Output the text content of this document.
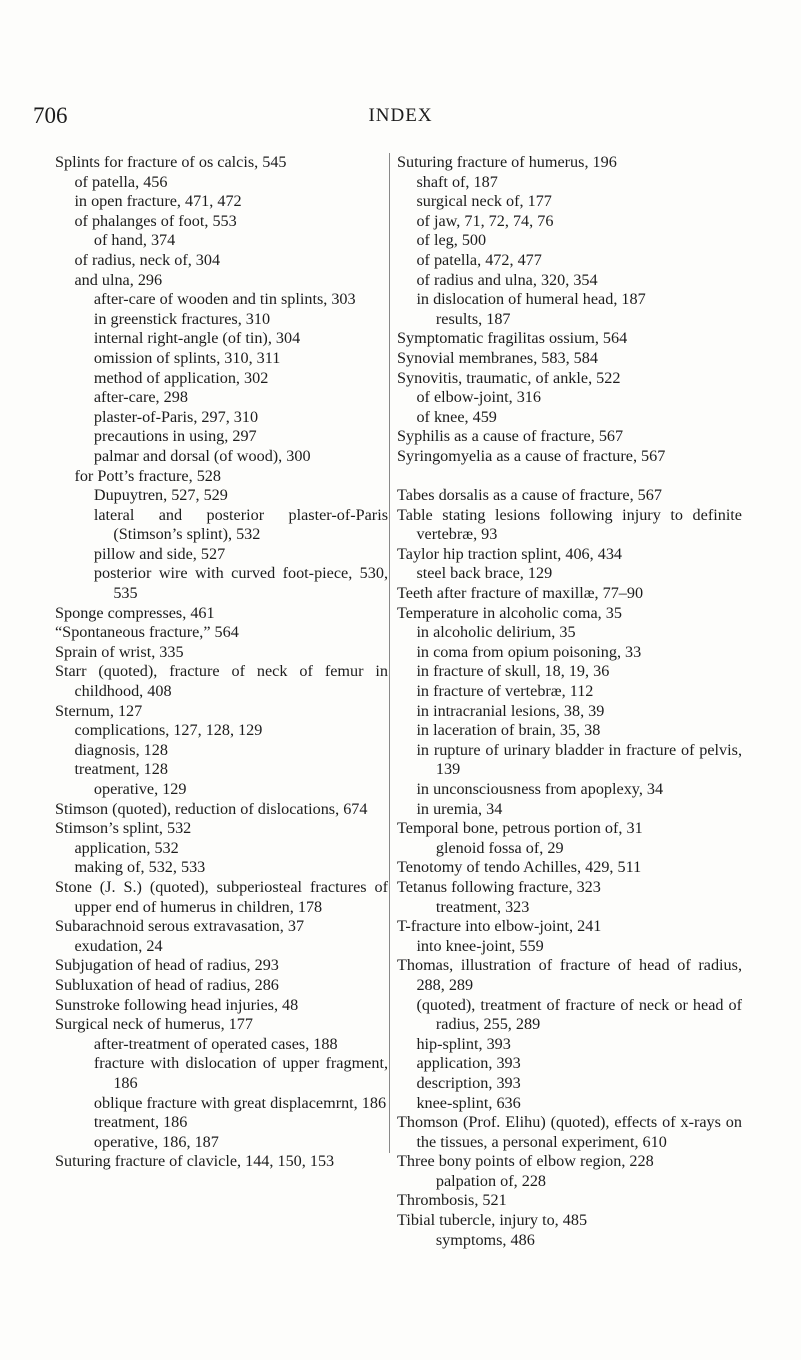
706	INDEX

Splints for fracture of os calcis, 545

of patella, 456

in open fracture, 471, 472

of phalanges of foot, 553

of hand, 374

of radius, neck of, 304

and ulna, 296

after-care of wooden and tin splints, 303

in greenstick fractures, 310

internal right-angle (of tin), 304

omission of splints, 310, 311

method of application, 302

after-care, 298

plaster-of-Paris, 297, 310

precautions in using, 297

palmar and dorsal (of wood), 300

for Pott’s fracture, 528

Dupuytren, 527, 529

lateral and posterior plaster-of-Paris (Stimson’s splint), 532

pillow and side, 527

posterior wire with curved foot-piece, 530, 535

Sponge compresses, 461

“Spontaneous fracture,” 564

Sprain of wrist, 335

Starr (quoted), fracture of neck of femur in childhood, 408

Sternum, 127

complications, 127, 128, 129

diagnosis, 128

treatment, 128

operative, 129

Stimson (quoted), reduction of dislocations, 674

Stimson’s splint, 532

application, 532

making of, 532, 533

Stone (J. S.) (quoted), subperiosteal fractures of upper end of humerus in children, 178

Subarachnoid serous extravasation, 37

exudation, 24

Subjugation of head of radius, 293

Subluxation of head of radius, 286

Sunstroke following head injuries, 48

Surgical neck of humerus, 177

after-treatment of operated cases, 188

fracture with dislocation of upper fragment, 186

oblique fracture with great displacemrnt, 186

treatment, 186

operative, 186, 187

Suturing fracture of clavicle, 144, 150, 153

Suturing fracture of humerus, 196

shaft of, 187

surgical neck of, 177

of jaw, 71, 72, 74, 76

of leg, 500

of patella, 472, 477

of radius and ulna, 320, 354

in dislocation of humeral head, 187

results, 187

Symptomatic fragilitas ossium, 564

Synovial membranes, 583, 584

Synovitis, traumatic, of ankle, 522

of elbow-joint, 316

of knee, 459

Syphilis as a cause of fracture, 567

Syringomyelia as a cause of fracture, 567

Tabes dorsalis as a cause of fracture, 567

Table stating lesions following injury to definite vertebræ, 93

Taylor hip traction splint, 406, 434

steel back brace, 129

Teeth after fracture of maxillæ, 77–90

Temperature in alcoholic coma, 35

in alcoholic delirium, 35

in coma from opium poisoning, 33

in fracture of skull, 18, 19, 36

in fracture of vertebræ, 112

in intracranial lesions, 38, 39

in laceration of brain, 35, 38

in rupture of urinary bladder in fracture of pelvis, 139

in unconsciousness from apoplexy, 34

in uremia, 34

Temporal bone, petrous portion of, 31

glenoid fossa of, 29

Tenotomy of tendo Achilles, 429, 511

Tetanus following fracture, 323

treatment, 323

T-fracture into elbow-joint, 241

into knee-joint, 559

Thomas, illustration of fracture of head of radius, 288, 289

(quoted), treatment of fracture of neck or head of radius, 255, 289

hip-splint, 393

application, 393

description, 393

knee-splint, 636

Thomson (Prof. Elihu) (quoted), effects of x-rays on the tissues, a personal experiment, 610

Three bony points of elbow region, 228

palpation of, 228

Thrombosis, 521

Tibial tubercle, injury to, 485

symptoms, 486
